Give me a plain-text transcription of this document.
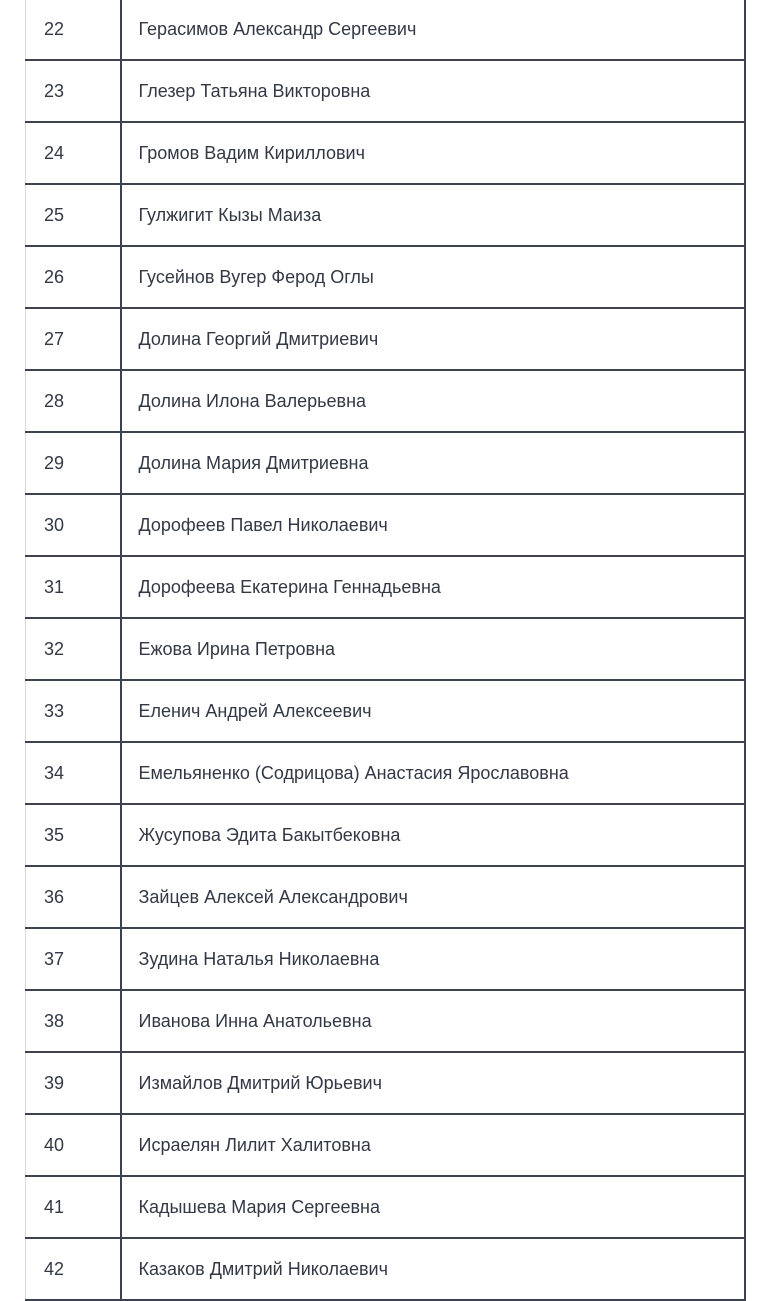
22	Герасимов Александр Сергеевич
23	Глезер Татьяна Викторовна
24	Громов Вадим Кириллович
25	Гулжигит Кызы Маиза
26	Гусейнов Вугер Ферод Оглы
27	Долина Георгий Дмитриевич
28	Долина Илона Валерьевна
29	Долина Мария Дмитриевна
30	Дорофеев Павел Николаевич
31	Дорофеева Екатерина Геннадьевна
32	Ежова Ирина Петровна
33	Еленич Андрей Алексеевич
34	Емельяненко (Содрицова) Анастасия Ярославовна
35	Жусупова Эдита Бакытбековна
36	Зайцев Алексей Александрович
37	Зудина Наталья Николаевна
38	Иванова Инна Анатольевна
39	Измайлов Дмитрий Юрьевич
40	Исраелян Лилит Халитовна
41	Кадышева Мария Сергеевна
42	Казаков Дмитрий Николаевич
